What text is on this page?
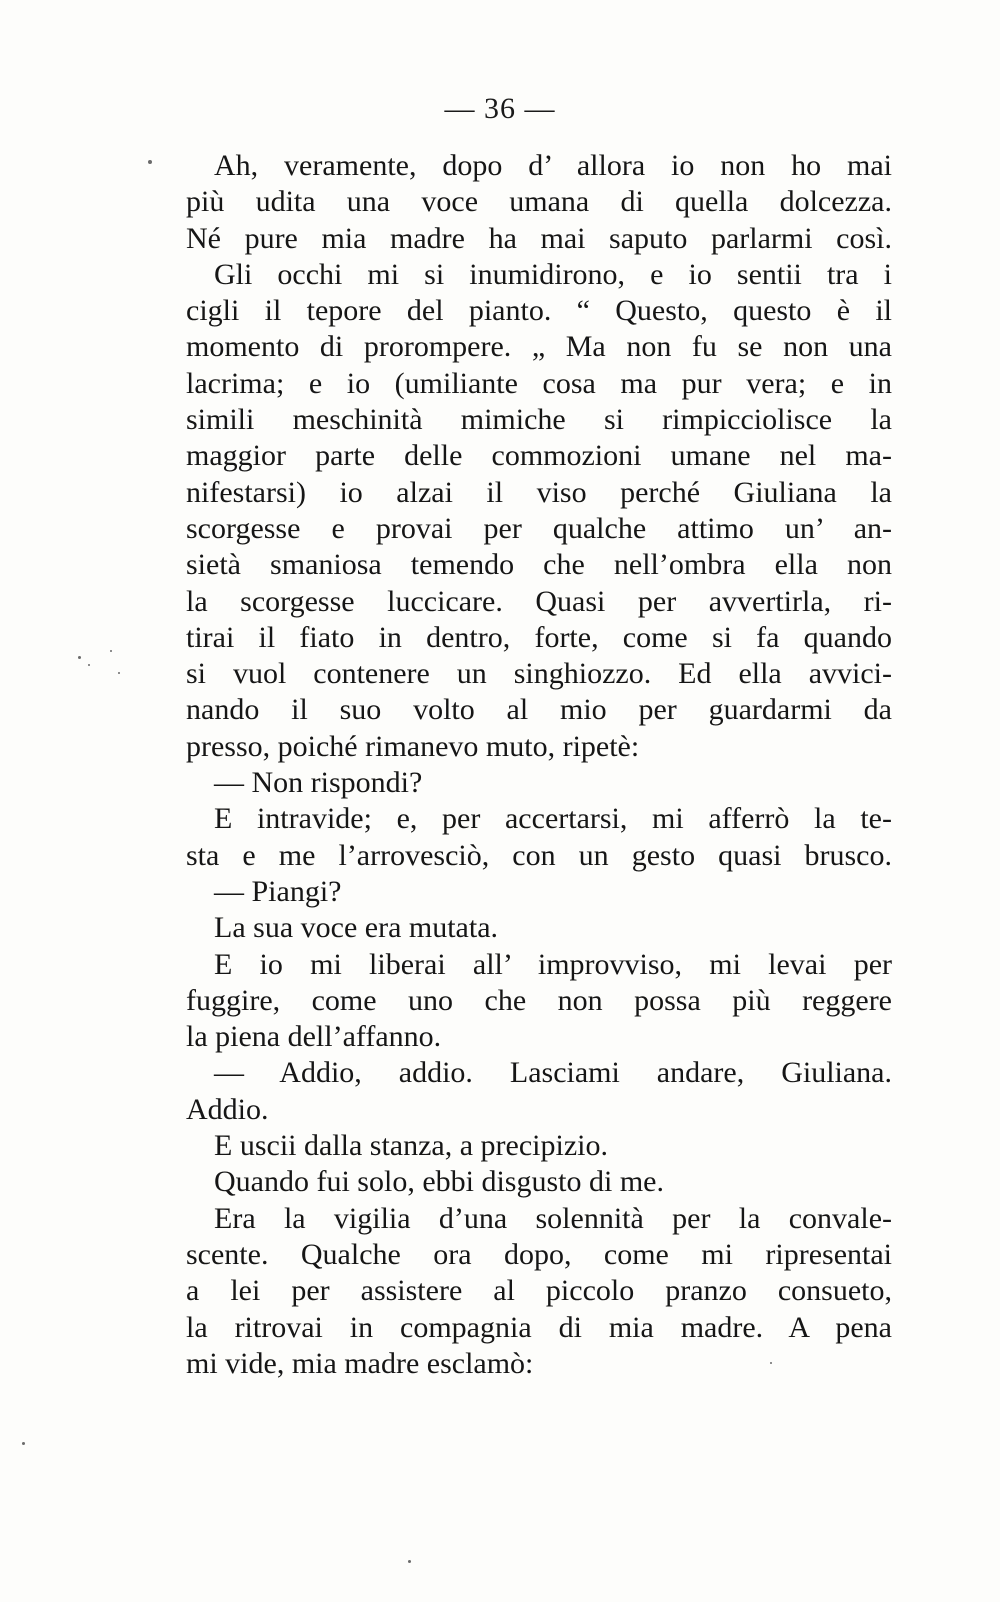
— 36 —
Ah, veramente, dopo d’ allora io non ho mai
più udita una voce umana di quella dolcezza.
Né pure mia madre ha mai saputo parlarmi così.
Gli occhi mi si inumidirono, e io sentii tra i
cigli il tepore del pianto. “ Questo, questo è il
momento di prorompere. „ Ma non fu se non una
lacrima; e io (umiliante cosa ma pur vera; e in
simili meschinità mimiche si rimpicciolisce la
maggior parte delle commozioni umane nel ma-
nifestarsi) io alzai il viso perché Giuliana la
scorgesse e provai per qualche attimo un’ an-
sietà smaniosa temendo che nell’ombra ella non
la scorgesse luccicare. Quasi per avvertirla, ri-
tirai il fiato in dentro, forte, come si fa quando
si vuol contenere un singhiozzo. Ed ella avvici-
nando il suo volto al mio per guardarmi da
presso, poiché rimanevo muto, ripetè:
— Non rispondi?
E intravide; e, per accertarsi, mi afferrò la te-
sta e me l’arrovesciò, con un gesto quasi brusco.
— Piangi?
La sua voce era mutata.
E io mi liberai all’ improvviso, mi levai per
fuggire, come uno che non possa più reggere
la piena dell’affanno.
— Addio, addio. Lasciami andare, Giuliana.
Addio.
E uscii dalla stanza, a precipizio.
Quando fui solo, ebbi disgusto di me.
Era la vigilia d’una solennità per la convale-
scente. Qualche ora dopo, come mi ripresentai
a lei per assistere al piccolo pranzo consueto,
la ritrovai in compagnia di mia madre. A pena
mi vide, mia madre esclamò:
